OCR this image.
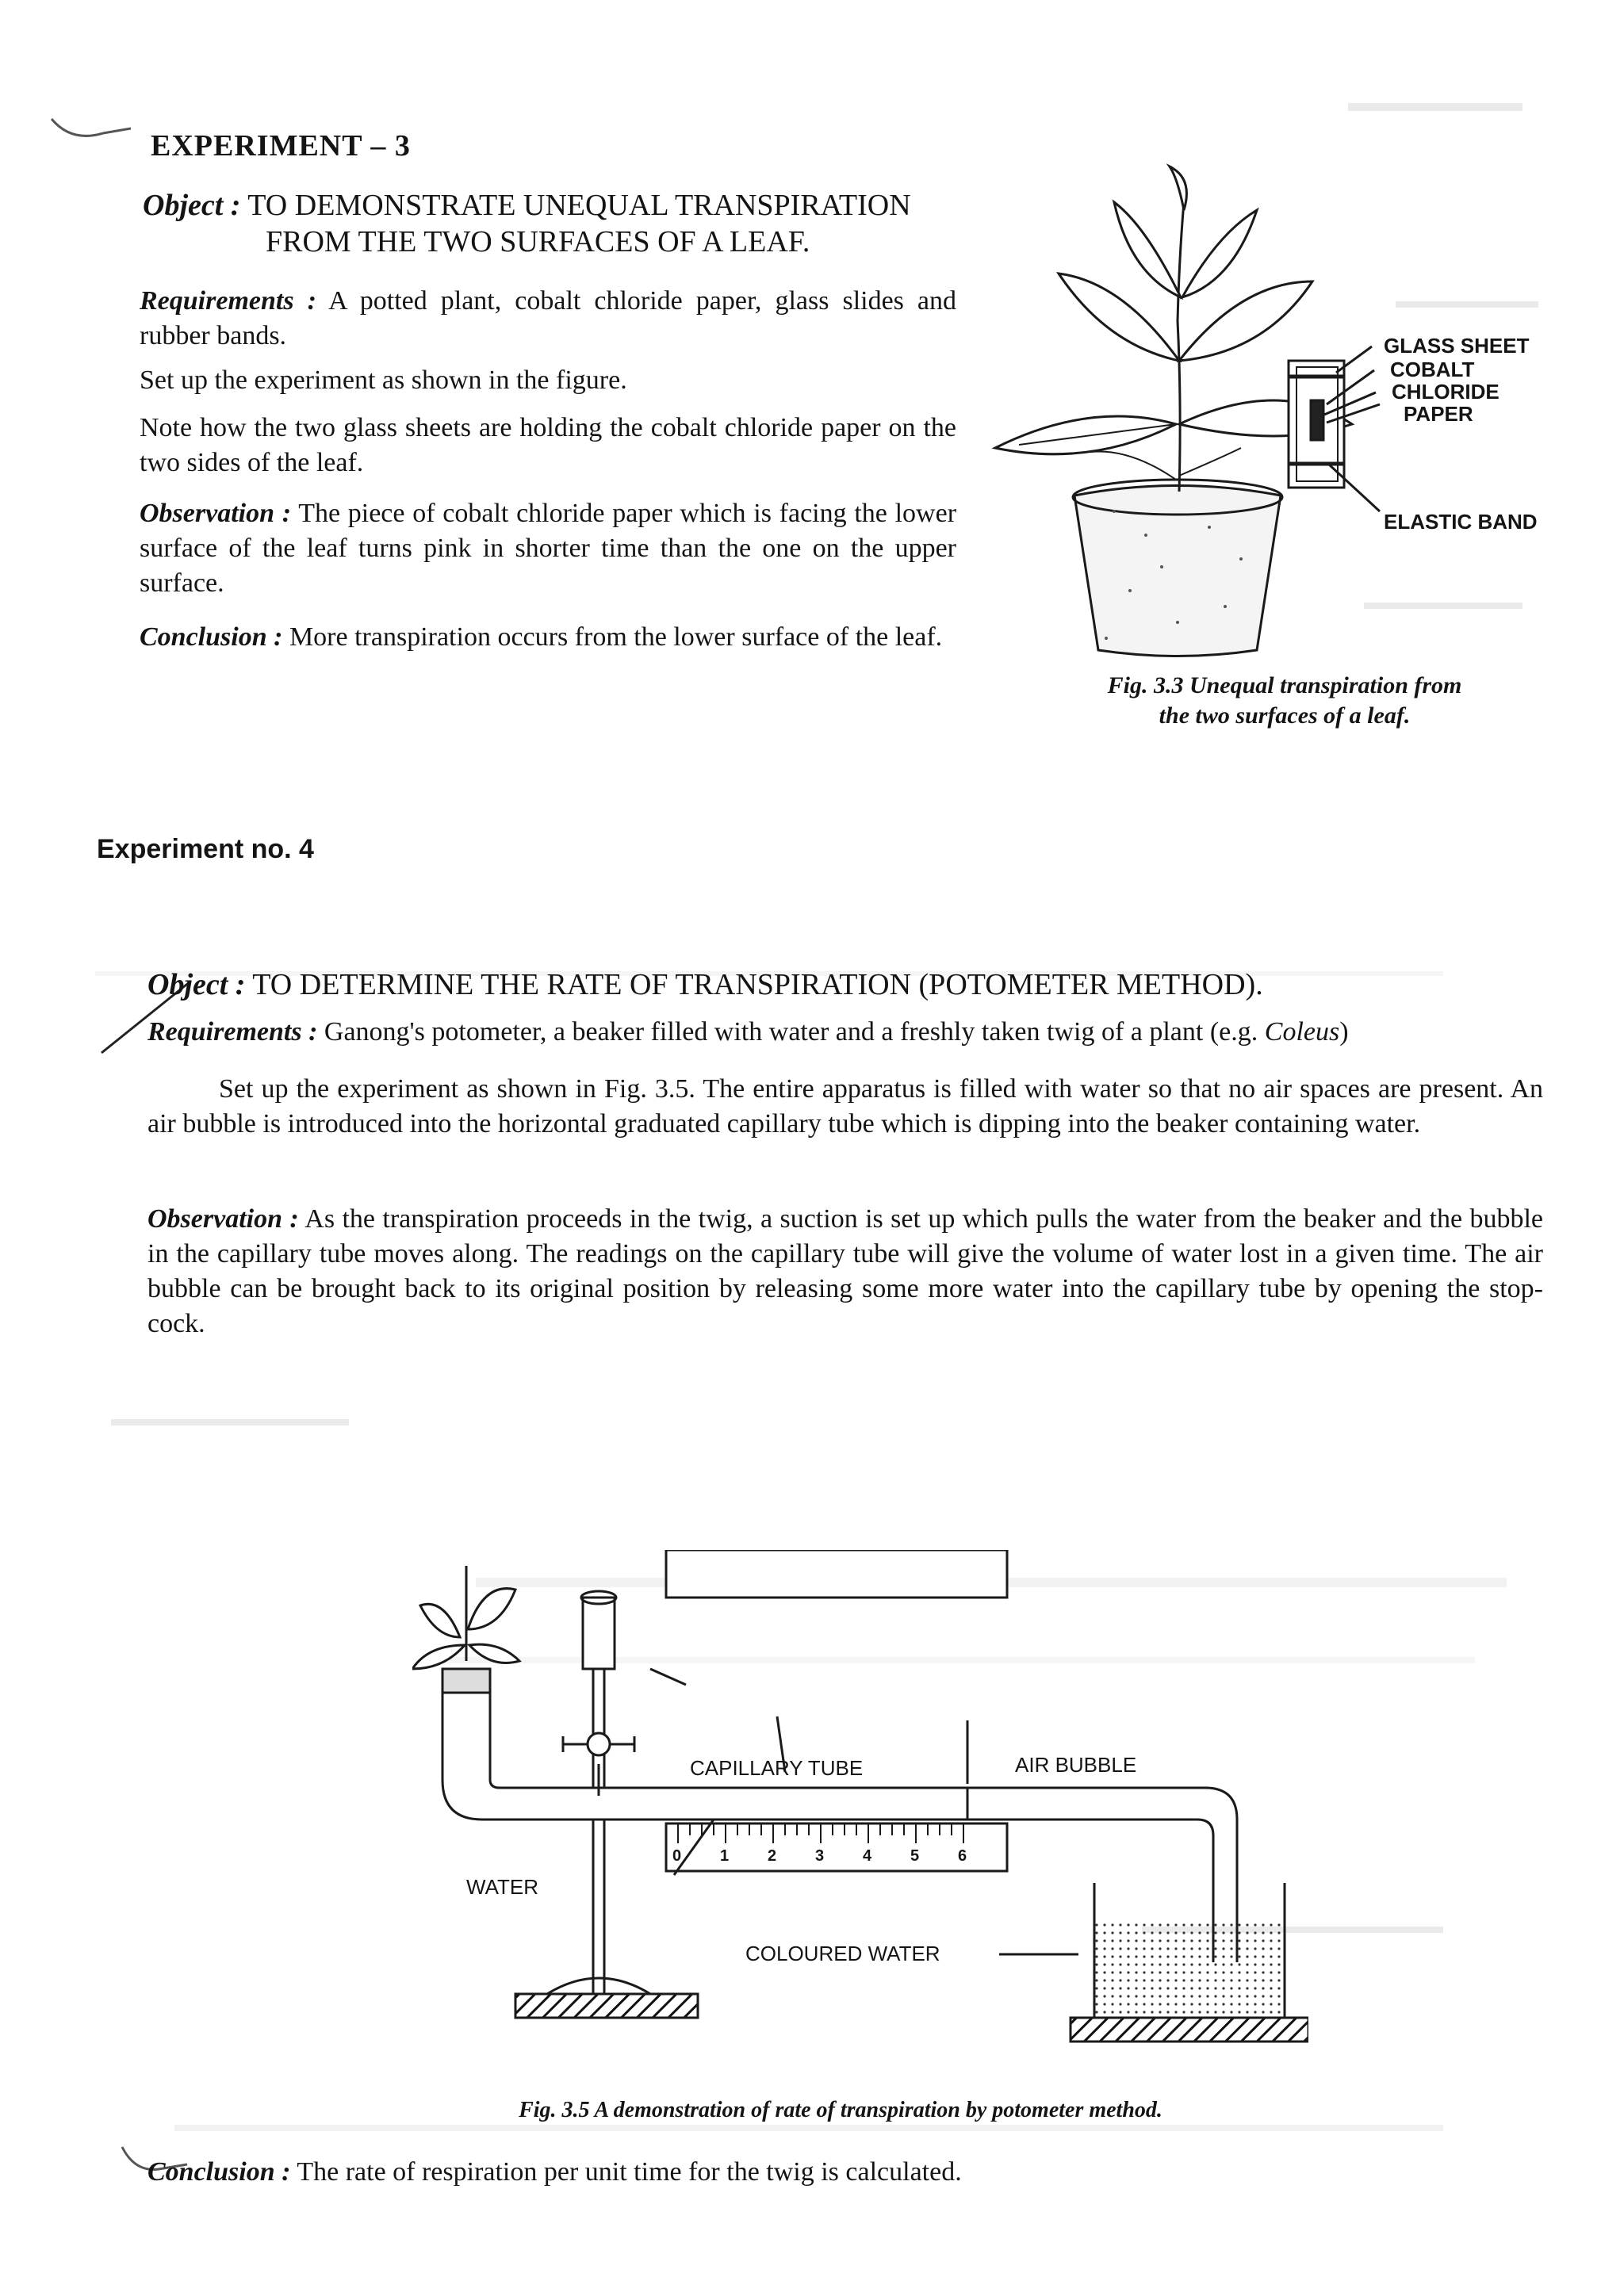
EXPERIMENT – 3
Object : TO DEMONSTRATE UNEQUAL TRANSPIRATION
FROM THE TWO SURFACES OF A LEAF.
Requirements : A potted plant, cobalt chloride paper, glass slides and rubber bands.
Set up the experiment as shown in the figure.
Note how the two glass sheets are holding the cobalt chloride paper on the two sides of the leaf.
Observation : The piece of cobalt chloride paper which is facing the lower surface of the leaf turns pink in shorter time than the one on the upper surface.
Conclusion : More transpiration occurs from the lower surface of the leaf.
GLASS SHEET
COBALT
CHLORIDE
PAPER
ELASTIC BAND
Fig. 3.3 Unequal transpiration from
the two surfaces of a leaf.
Experiment no. 4
Object : TO DETERMINE THE RATE OF TRANSPIRATION (POTOMETER METHOD).
Requirements : Ganong's potometer, a beaker filled with water and a freshly taken twig of a plant (e.g. Coleus)
Set up the experiment as shown in Fig. 3.5. The entire apparatus is filled with water so that no air spaces are present. An air bubble is introduced into the horizontal graduated capillary tube which is dipping into the beaker containing water.
Observation : As the transpiration proceeds in the twig, a suction is set up which pulls the water from the beaker and the bubble in the capillary tube moves along. The readings on the capillary tube will give the volume of water lost in a given time. The air bubble can be brought back to its original position by releasing some more water into the capillary tube by opening the stop-cock.
CAPILLARY TUBE	AIR BUBBLE
WATER
COLOURED WATER
0 1 2 3 4 5 6
Fig. 3.5 A demonstration of rate of transpiration by potometer method.
Conclusion : The rate of respiration per unit time for the twig is calculated.
